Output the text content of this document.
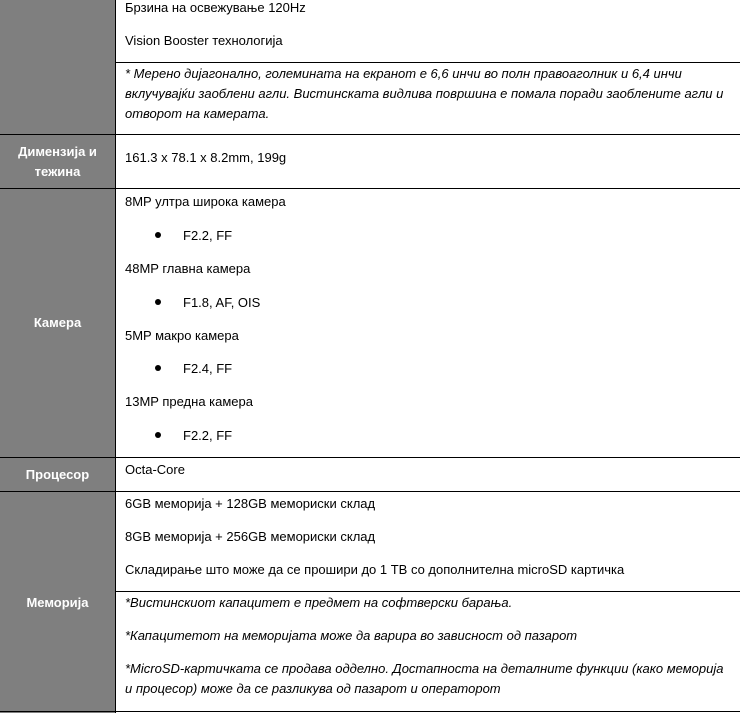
Брзина на освежување 120Hz
Vision Booster технологија
* Мерено дијагонално, големината на екранот е 6,6 инчи во полн правоаголник и 6,4 инчи вклучувајќи заоблени агли. Вистинската видлива површина е помала поради заоблените агли и отворот на камерата.
Димензија и тежина
161.3 x 78.1 x 8.2mm, 199g
Камера
8MP ултра широка камера
F2.2, FF
48MP главна камера
F1.8, AF, OIS
5MP макро камера
F2.4, FF
13MP предна камера
F2.2, FF
Процесор	Octa-Core
Меморија
6GB меморија + 128GB мемориски склад
8GB меморија + 256GB мемориски склад
Складирање што може да се прошири до 1 TB со дополнителна microSD картичка
*Вистинскиот капацитет е предмет на софтверски барања.
*Капацитетот на меморијата може да варира во зависност од пазарот
*MicroSD-картичката се продава одделно. Достапноста на деталните функции (како меморија и процесор) може да се разликува од пазарот и операторот
